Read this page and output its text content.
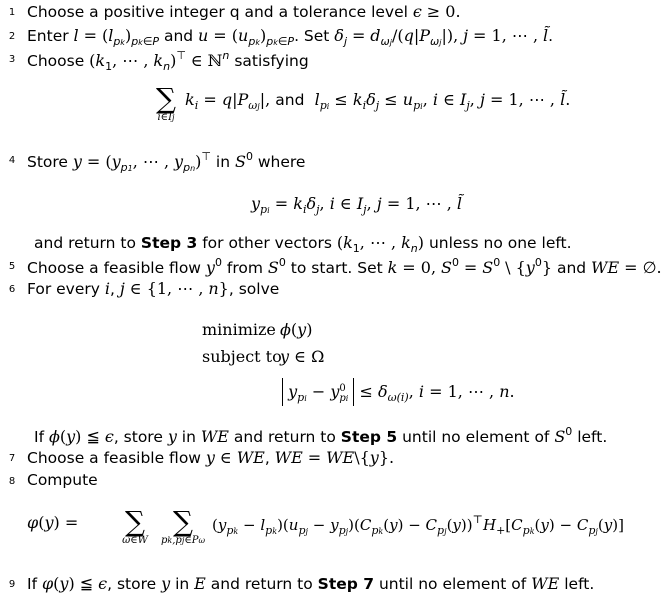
1 Choose a positive integer q and a tolerance level ϵ ≥ 0.
2 Enter $l = (l_{pk})_{pk\in P}$ and $u = (u_{pk})_{pk\in P}$. Set $\delta_j = d_{\omega j}/(q|P_{\omega j}|)$, j = 1, ⋯ , l̃.
3 Choose ($k_1$, ⋯ , $k_n)^⊤$ ∈ ℕ$^n$ satisfying
∑
i∈Ij
$k_i = q|P_{\omega j}|$, and $l_{pi} \le k_i\delta_j \le u_{pi}$, i ∈ $I_j$, j = 1, ⋯ , l̃.
4 Store $y = (y_{p1}$, ⋯ , $y_{pn})^⊤$ in $S^0$ where
$y_{pi} = k_i\delta_j$, i ∈ $I_j$, j = 1, ⋯ , l̃
and return to Step 3 for other vectors ($k_1$, ⋯ , $k_n$) unless no one left.
5 Choose a feasible flow $y^0$ from $S^0$ to start. Set k = 0, $S^0 = S^0$ \ $\{y^0\}$ and WE = ∅.
6 For every i, j ∈ {1, ⋯ , n}, solve
minimize ϕ(y)
subject to
y ∈ Ω
$y_{pi} - y$ 0
pi ≤ $\delta_{\omega(i)}$, i = 1, ⋯ , n.
If ϕ(y) ≦ ϵ, store y in WE and return to Step 5 until no element of $S^0$ left.
7 Choose a feasible flow y ∈ WE, WE = WE\{y}.
8 Compute
φ(y) = ∑
ω∈W
∑
pk,pj∈Pω
$(y_{pk} - l_{pk})(u_{pj} - y_{pj})(C_{pk}(y) - C_{pj}(y))^⊤H_+[C_{pk}(y) - C_{pj}(y)]$
9 If φ(y) ≦ ϵ, store y in E and return to Step 7 until no element of WE left.
